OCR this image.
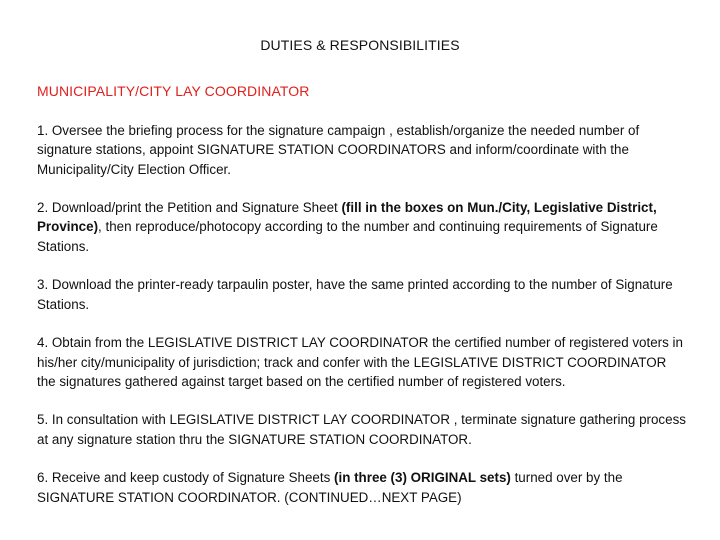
DUTIES & RESPONSIBILITIES
MUNICIPALITY/CITY LAY COORDINATOR

1. Oversee the briefing process for the signature campaign , establish/organize the needed number of signature stations, appoint SIGNATURE STATION COORDINATORS and inform/coordinate with the Municipality/City Election Officer.

2. Download/print the Petition and Signature Sheet (fill in the boxes on Mun./City, Legislative District, Province), then reproduce/photocopy according to the number and continuing requirements of Signature Stations.

3. Download the printer-ready tarpaulin poster, have the same printed according to the number of Signature Stations.

4. Obtain from the LEGISLATIVE DISTRICT LAY COORDINATOR the certified number of registered voters in his/her city/municipality of jurisdiction; track and confer with the LEGISLATIVE DISTRICT COORDINATOR the signatures gathered against target based on the certified number of registered voters.

5. In consultation with LEGISLATIVE DISTRICT LAY COORDINATOR , terminate signature gathering process at any signature station thru the SIGNATURE STATION COORDINATOR.

6. Receive and keep custody of Signature Sheets (in three (3) ORIGINAL sets) turned over by the SIGNATURE STATION COORDINATOR. (CONTINUED…NEXT PAGE)
